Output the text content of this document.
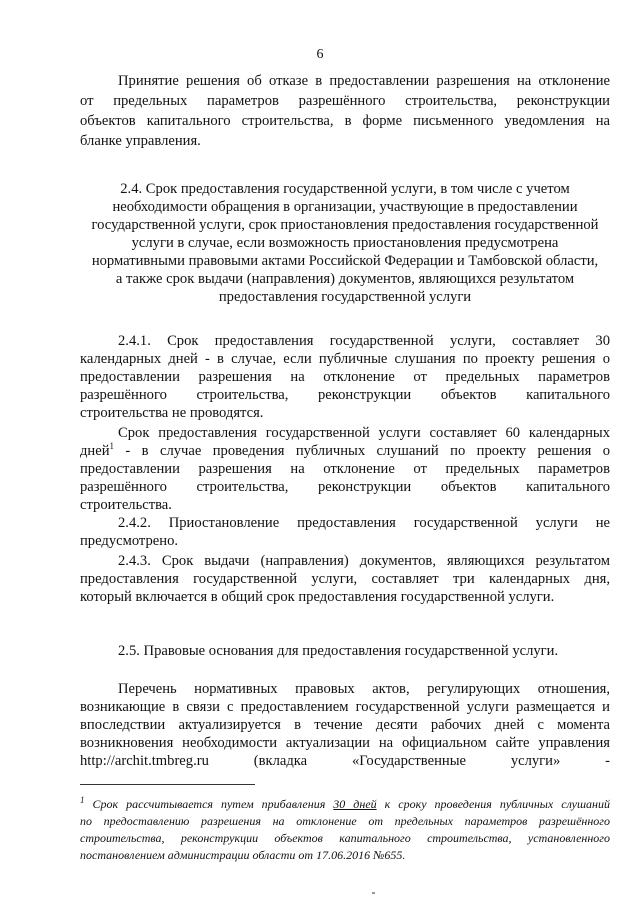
6
Принятие решения об отказе в предоставлении разрешения на отклонение
от предельных параметров разрешённого строительства, реконструкции
объектов капитального строительства, в форме письменного уведомления на
бланке управления.
2.4. Срок предоставления государственной услуги, в том числе с учетом
необходимости обращения в организации, участвующие в предоставлении
государственной услуги, срок приостановления предоставления государственной
услуги в случае, если возможность приостановления предусмотрена
нормативными правовыми актами Российской Федерации и Тамбовской области,
а также срок выдачи (направления) документов, являющихся результатом
предоставления государственной услуги
2.4.1. Срок предоставления государственной услуги, составляет 30
календарных дней - в случае, если публичные слушания по проекту решения о
предоставлении разрешения на отклонение от предельных параметров
разрешённого строительства, реконструкции объектов капитального
строительства не проводятся.
Срок предоставления государственной услуги составляет 60 календарных
дней$^1$ - в случае проведения публичных слушаний по проекту решения о
предоставлении разрешения на отклонение от предельных параметров
разрешённого строительства, реконструкции объектов капитального
строительства.
2.4.2. Приостановление предоставления государственной услуги не
предусмотрено.
2.4.3. Срок выдачи (направления) документов, являющихся результатом
предоставления государственной услуги, составляет три календарных дня,
который включается в общий срок предоставления государственной услуги.
2.5. Правовые основания для предоставления государственной услуги.
Перечень нормативных правовых актов, регулирующих отношения,
возникающие в связи с предоставлением государственной услуги размещается и
впоследствии актуализируется в течение десяти рабочих дней с момента
возникновения необходимости актуализации на официальном сайте управления
http://archit.tmbreg.ru (вкладка «Государственные услуги» -
$^1$ Срок рассчитывается путем прибавления 30 дней к сроку проведения публичных слушаний
по предоставлению разрешения на отклонение от предельных параметров разрешённого
строительства, реконструкции объектов капитального строительства, установленного
постановлением администрации области от 17.06.2016 №655.
